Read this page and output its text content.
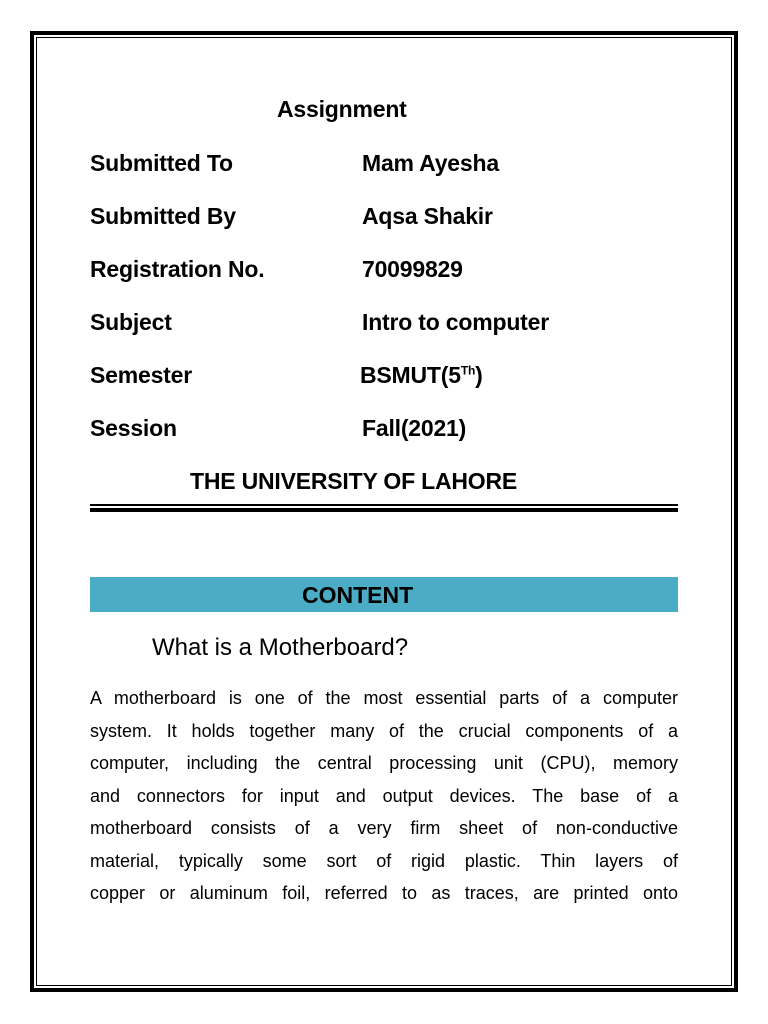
Assignment
Submitted To	Mam Ayesha
Submitted By	Aqsa Shakir
Registration No.	70099829
Subject	Intro to computer
Semester	BSMUT(5Th)
Session	Fall(2021)
THE UNIVERSITY OF LAHORE
CONTENT
What is a Motherboard?

A motherboard is one of the most essential parts of a computer

system. It holds together many of the crucial components of a

computer, including the central processing unit (CPU), memory

and connectors for input and output devices. The base of a

motherboard consists of a very firm sheet of non-conductive

material, typically some sort of rigid plastic. Thin layers of

copper or aluminum foil, referred to as traces, are printed onto
